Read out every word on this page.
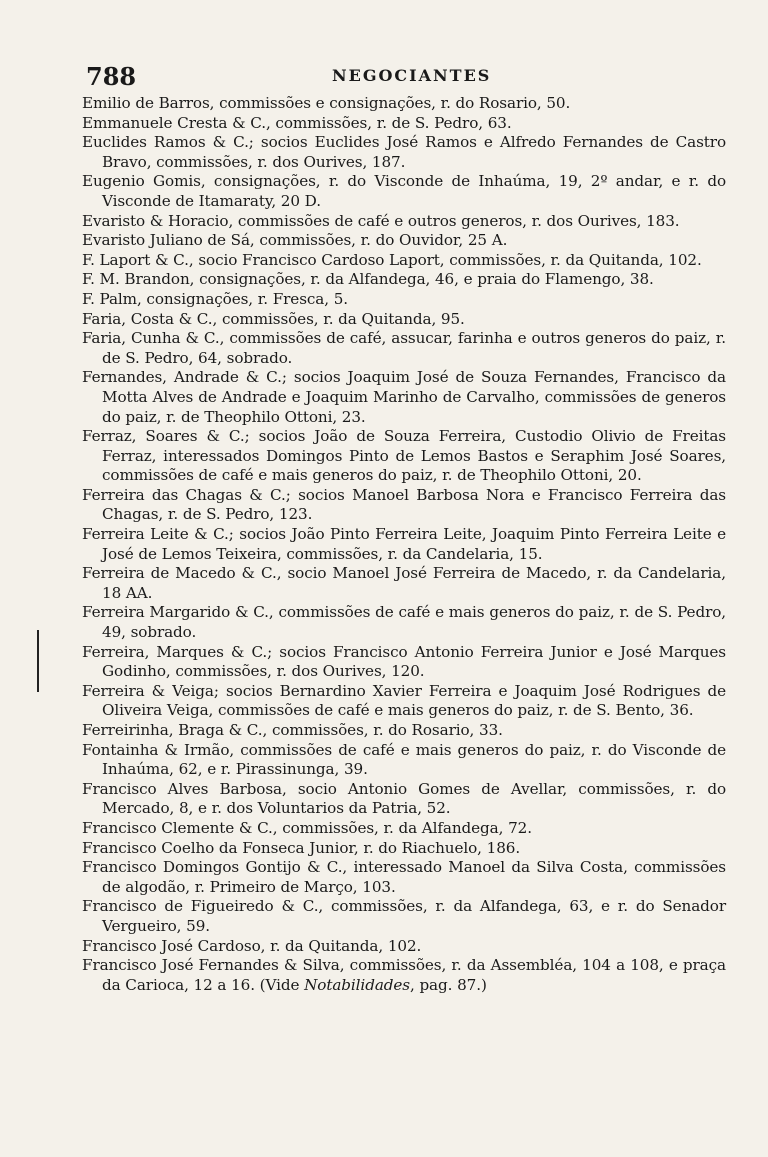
788	NEGOCIANTES
Emilio de Barros, commissões e consignações, r. do Rosario, 50.
Emmanuele Cresta & C., commissões, r. de S. Pedro, 63.
Euclides Ramos & C.; socios Euclides José Ramos e Alfredo Fernandes de Castro Bravo, commissões, r. dos Ourives, 187.
Eugenio Gomis, consignações, r. do Visconde de Inhaúma, 19, 2º andar, e r. do Visconde de Itamaraty, 20 D.
Evaristo & Horacio, commissões de café e outros generos, r. dos Ourives, 183.
Evaristo Juliano de Sá, commissões, r. do Ouvidor, 25 A.
F. Laport & C., socio Francisco Cardoso Laport, commissões, r. da Quitanda, 102.
F. M. Brandon, consignações, r. da Alfandega, 46, e praia do Flamengo, 38.
F. Palm, consignações, r. Fresca, 5.
Faria, Costa & C., commissões, r. da Quitanda, 95.
Faria, Cunha & C., commissões de café, assucar, farinha e outros generos do paiz, r. de S. Pedro, 64, sobrado.
Fernandes, Andrade & C.; socios Joaquim José de Souza Fernandes, Francisco da Motta Alves de Andrade e Joaquim Marinho de Carvalho, commissões de generos do paiz, r. de Theophilo Ottoni, 23.
Ferraz, Soares & C.; socios João de Souza Ferreira, Custodio Olivio de Freitas Ferraz, interessados Domingos Pinto de Lemos Bastos e Seraphim José Soares, commissões de café e mais generos do paiz, r. de Theophilo Ottoni, 20.
Ferreira das Chagas & C.; socios Manoel Barbosa Nora e Francisco Ferreira das Chagas, r. de S. Pedro, 123.
Ferreira Leite & C.; socios João Pinto Ferreira Leite, Joaquim Pinto Ferreira Leite e José de Lemos Teixeira, commissões, r. da Candelaria, 15.
Ferreira de Macedo & C., socio Manoel José Ferreira de Macedo, r. da Candelaria, 18 AA.
Ferreira Margarido & C., commissões de café e mais generos do paiz, r. de S. Pedro, 49, sobrado.
Ferreira, Marques & C.; socios Francisco Antonio Ferreira Junior e José Marques Godinho, commissões, r. dos Ourives, 120.
Ferreira & Veiga; socios Bernardino Xavier Ferreira e Joaquim José Rodrigues de Oliveira Veiga, commissões de café e mais generos do paiz, r. de S. Bento, 36.
Ferreirinha, Braga & C., commissões, r. do Rosario, 33.
Fontainha & Irmão, commissões de café e mais generos do paiz, r. do Visconde de Inhaúma, 62, e r. Pirassinunga, 39.
Francisco Alves Barbosa, socio Antonio Gomes de Avellar, commissões, r. do Mercado, 8, e r. dos Voluntarios da Patria, 52.
Francisco Clemente & C., commissões, r. da Alfandega, 72.
Francisco Coelho da Fonseca Junior, r. do Riachuelo, 186.
Francisco Domingos Gontijo & C., interessado Manoel da Silva Costa, commissões de algodão, r. Primeiro de Março, 103.
Francisco de Figueiredo & C., commissões, r. da Alfandega, 63, e r. do Senador Vergueiro, 59.
Francisco José Cardoso, r. da Quitanda, 102.

Francisco José Fernandes & Silva, commissões, r. da Assembléa, 104 a 108, e praça da Carioca, 12 a 16. (Vide Notabilidades, pag. 87.)
